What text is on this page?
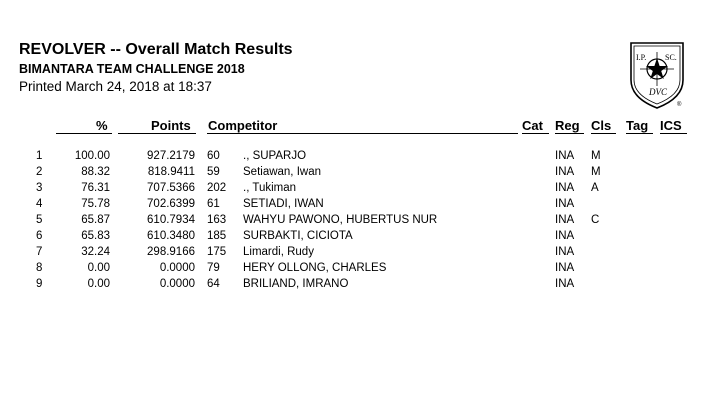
REVOLVER -- Overall Match Results
BIMANTARA TEAM CHALLENGE 2018
Printed March 24, 2018 at 18:37
I.P. SC.
DVC
®
%	Points Competitor	Cat Reg Cls Tag ICS
1	100.00	927.2179 60 ., SUPARJO	INA M
2	88.32	818.9411 59 Setiawan, Iwan	INA M
3	76.31	707.5366 202 ., Tukiman	INA A
4	75.78	702.6399 61 SETIADI, IWAN	INA
5	65.87	610.7934 163 WAHYU PAWONO, HUBERTUS NUR	INA C
6	65.83	610.3480 185 SURBAKTI, CICIOTA	INA
7	32.24	298.9166 175 Limardi, Rudy	INA
8	0.00	0.0000 79 HERY OLLONG, CHARLES	INA
9	0.00	0.0000 64 BRILIAND, IMRANO	INA
